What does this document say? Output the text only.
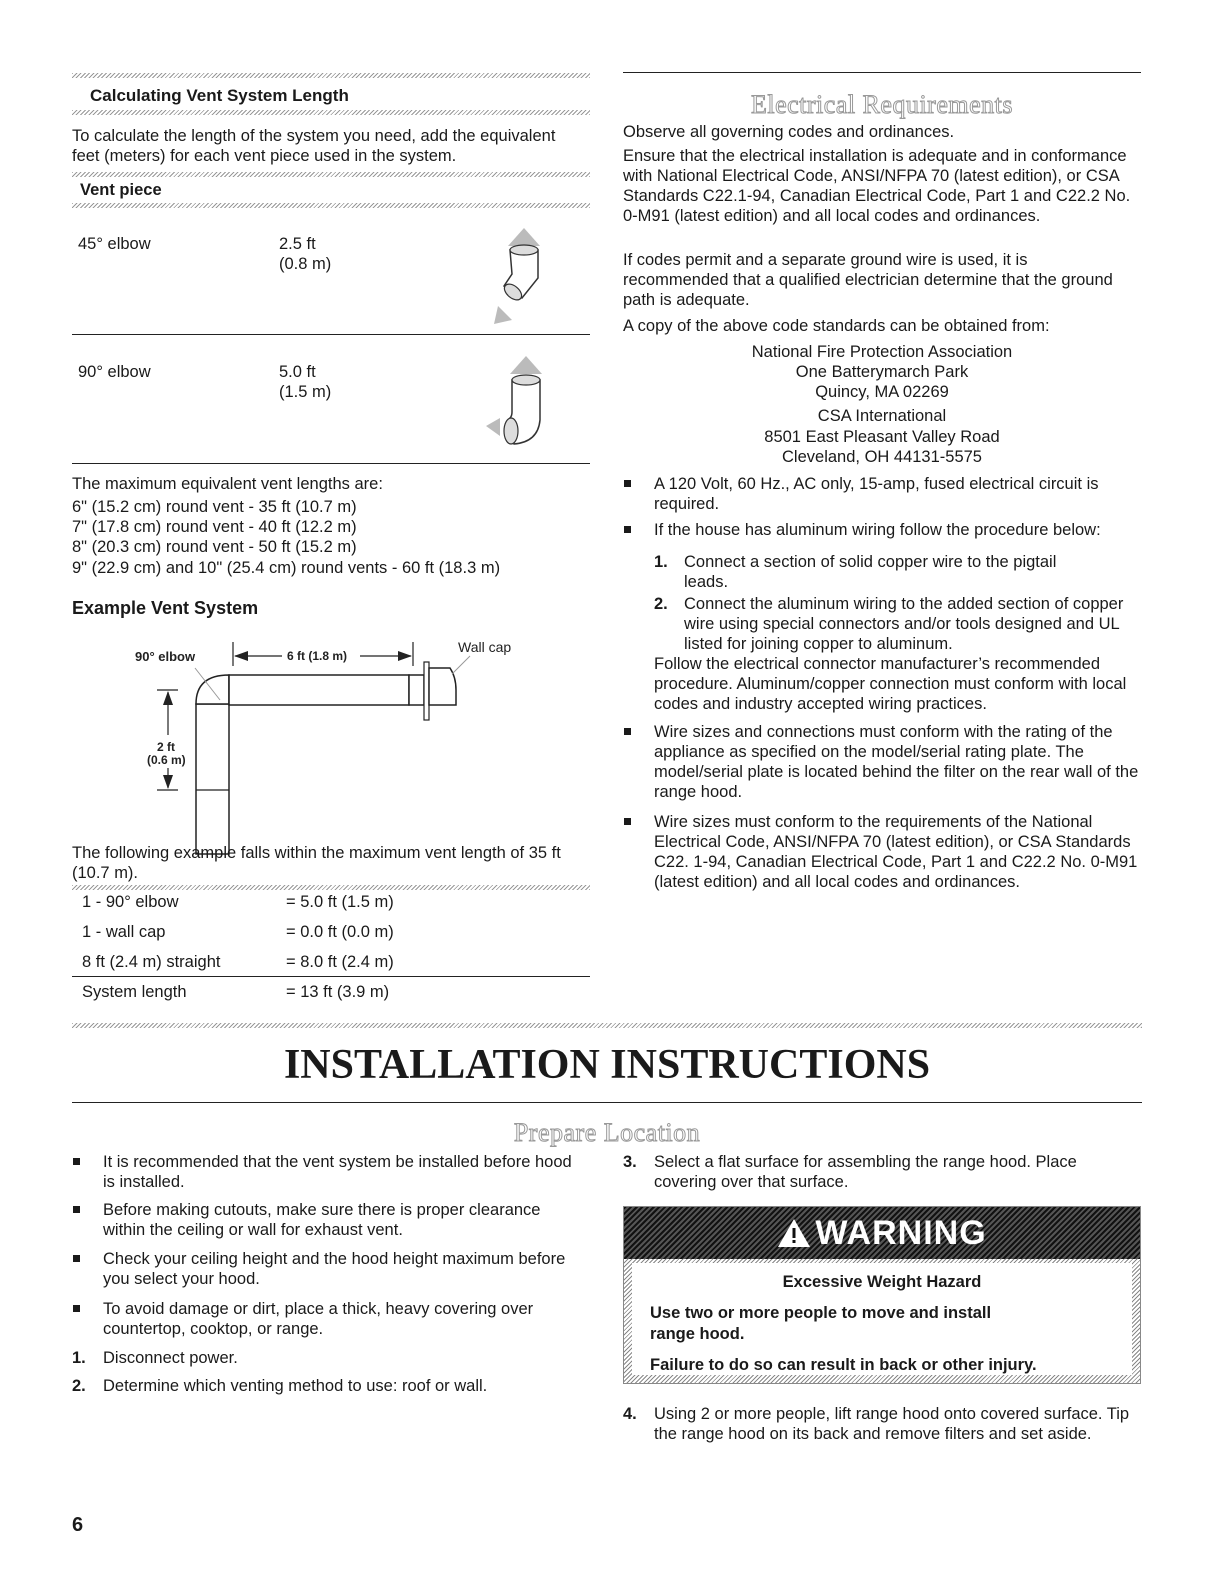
Calculating Vent System Length
To calculate the length of the system you need, add the equivalent feet (meters) for each vent piece used in the system.
Vent piece
45° elbow	2.5 ft
(0.8 m)
90° elbow	5.0 ft
(1.5 m)
The maximum equivalent vent lengths are:
6" (15.2 cm) round vent - 35 ft (10.7 m)
7" (17.8 cm) round vent - 40 ft (12.2 m)
8" (20.3 cm) round vent - 50 ft (15.2 m)
9" (22.9 cm) and 10" (25.4 cm) round vents - 60 ft (18.3 m)
Example Vent System
6 ft (1.8 m)
90° elbow
Wall cap
2 ft
(0.6 m)
The following example falls within the maximum vent length of 35 ft (10.7 m).
1 - 90° elbow	= 5.0 ft (1.5 m)
1 - wall cap	= 0.0 ft (0.0 m)
8 ft (2.4 m) straight	= 8.0 ft (2.4 m)
System length	= 13 ft (3.9 m)
Electrical Requirements
Observe all governing codes and ordinances.
Ensure that the electrical installation is adequate and in conformance with National Electrical Code, ANSI/NFPA 70 (latest edition), or CSA Standards C22.1-94, Canadian Electrical Code, Part 1 and C22.2 No. 0-M91 (latest edition) and all local codes and ordinances.
If codes permit and a separate ground wire is used, it is recommended that a qualified electrician determine that the ground path is adequate.
A copy of the above code standards can be obtained from:
National Fire Protection Association
One Batterymarch Park
Quincy, MA 02269
CSA International
8501 East Pleasant Valley Road
Cleveland, OH 44131-5575
A 120 Volt, 60 Hz., AC only, 15-amp, fused electrical circuit is required.
If the house has aluminum wiring follow the procedure below:
1. Connect a section of solid copper wire to the pigtail leads.
2. Connect the aluminum wiring to the added section of copper wire using special connectors and/or tools designed and UL listed for joining copper to aluminum.
Follow the electrical connector manufacturer’s recommended procedure. Aluminum/copper connection must conform with local codes and industry accepted wiring practices.
Wire sizes and connections must conform with the rating of the appliance as specified on the model/serial rating plate. The model/serial plate is located behind the filter on the rear wall of the range hood.
Wire sizes must conform to the requirements of the National Electrical Code, ANSI/NFPA 70 (latest edition), or CSA Standards C22. 1-94, Canadian Electrical Code, Part 1 and C22.2 No. 0-M91 (latest edition) and all local codes and ordinances.
INSTALLATION INSTRUCTIONS
Prepare Location
It is recommended that the vent system be installed before hood is installed.
Before making cutouts, make sure there is proper clearance within the ceiling or wall for exhaust vent.
Check your ceiling height and the hood height maximum before you select your hood.
To avoid damage or dirt, place a thick, heavy covering over countertop, cooktop, or range.
1. Disconnect power.
2. Determine which venting method to use: roof or wall.
3. Select a flat surface for assembling the range hood. Place covering over that surface.
WARNING
Excessive Weight Hazard
Use two or more people to move and install range hood.
Failure to do so can result in back or other injury.
4. Using 2 or more people, lift range hood onto covered surface. Tip the range hood on its back and remove filters and set aside.
6
